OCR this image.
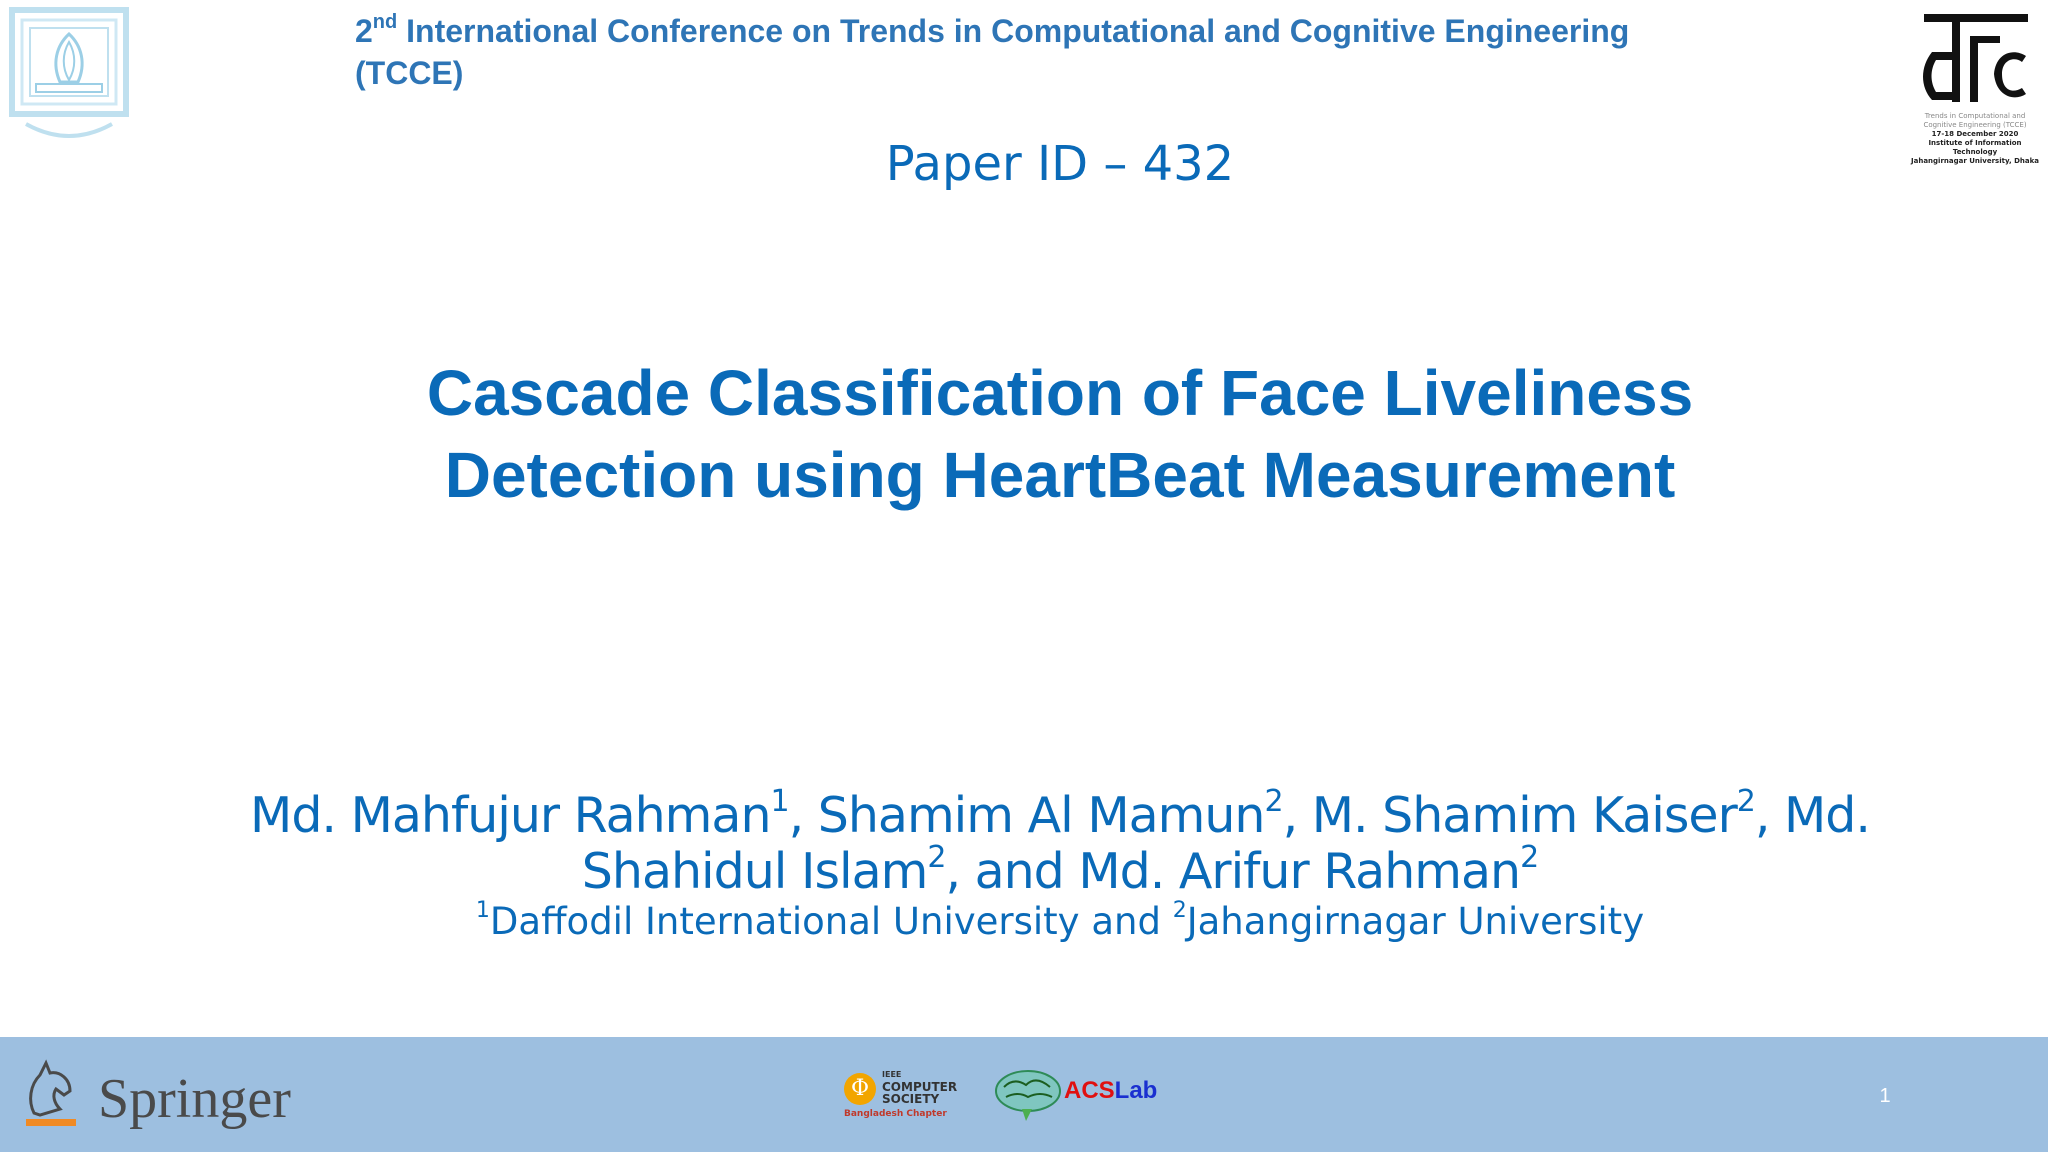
2nd International Conference on Trends in Computational and Cognitive Engineering
(TCCE)
Trends in Computational and
Cognitive Engineering (TCCE)
17-18 December 2020
Institute of Information Technology
Jahangirnagar University, Dhaka
Paper ID – 432
Cascade Classification of Face Liveliness
Detection using HeartBeat Measurement
Md. Mahfujur Rahman$^1$, Shamim Al Mamun$^2$, M. Shamim Kaiser$^2$, Md. Shahidul Islam$^2$, and Md. Arifur Rahman$^2$
$^1$Daffodil International University and $^2$Jahangirnagar University
Springer	Φ
IEEE
COMPUTER
SOCIETY
Bangladesh Chapter
ACSLab	1
